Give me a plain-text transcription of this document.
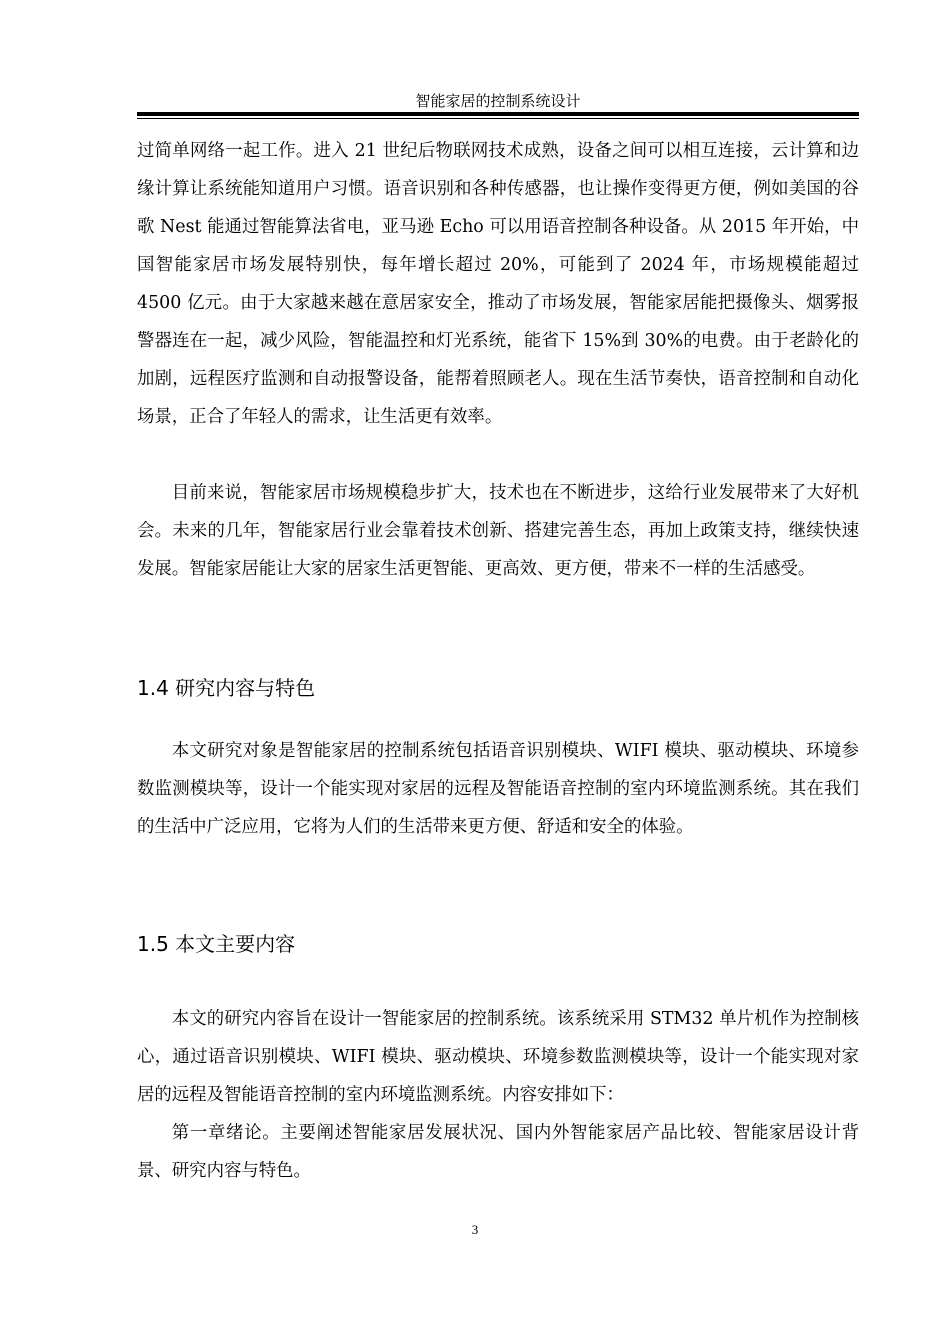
智能家居的控制系统设计

过简单网络一起工作。进入 21 世纪后物联网技术成熟，设备之间可以相互连接，云计算和边缘计算让系统能知道用户习惯。语音识别和各种传感器，也让操作变得更方便，例如美国的谷歌 Nest 能通过智能算法省电，亚马逊 Echo 可以用语音控制各种设备。从 2015 年开始，中国智能家居市场发展特别快，每年增长超过 20%，可能到了 2024 年，市场规模能超过 4500 亿元。由于大家越来越在意居家安全，推动了市场发展，智能家居能把摄像头、烟雾报警器连在一起，减少风险，智能温控和灯光系统，能省下 15%到 30%的电费。由于老龄化的加剧，远程医疗监测和自动报警设备，能帮着照顾老人。现在生活节奏快，语音控制和自动化场景，正合了年轻人的需求，让生活更有效率。

目前来说，智能家居市场规模稳步扩大，技术也在不断进步，这给行业发展带来了大好机会。未来的几年，智能家居行业会靠着技术创新、搭建完善生态，再加上政策支持，继续快速发展。智能家居能让大家的居家生活更智能、更高效、更方便，带来不一样的生活感受。

1.4 研究内容与特色

本文研究对象是智能家居的控制系统包括语音识别模块、WIFI 模块、驱动模块、环境参数监测模块等，设计一个能实现对家居的远程及智能语音控制的室内环境监测系统。其在我们的生活中广泛应用，它将为人们的生活带来更方便、舒适和安全的体验。

1.5 本文主要内容

本文的研究内容旨在设计一智能家居的控制系统。该系统采用 STM32 单片机作为控制核心，通过语音识别模块、WIFI 模块、驱动模块、环境参数监测模块等，设计一个能实现对家居的远程及智能语音控制的室内环境监测系统。内容安排如下：

第一章绪论。主要阐述智能家居发展状况、国内外智能家居产品比较、智能家居设计背景、研究内容与特色。

3
